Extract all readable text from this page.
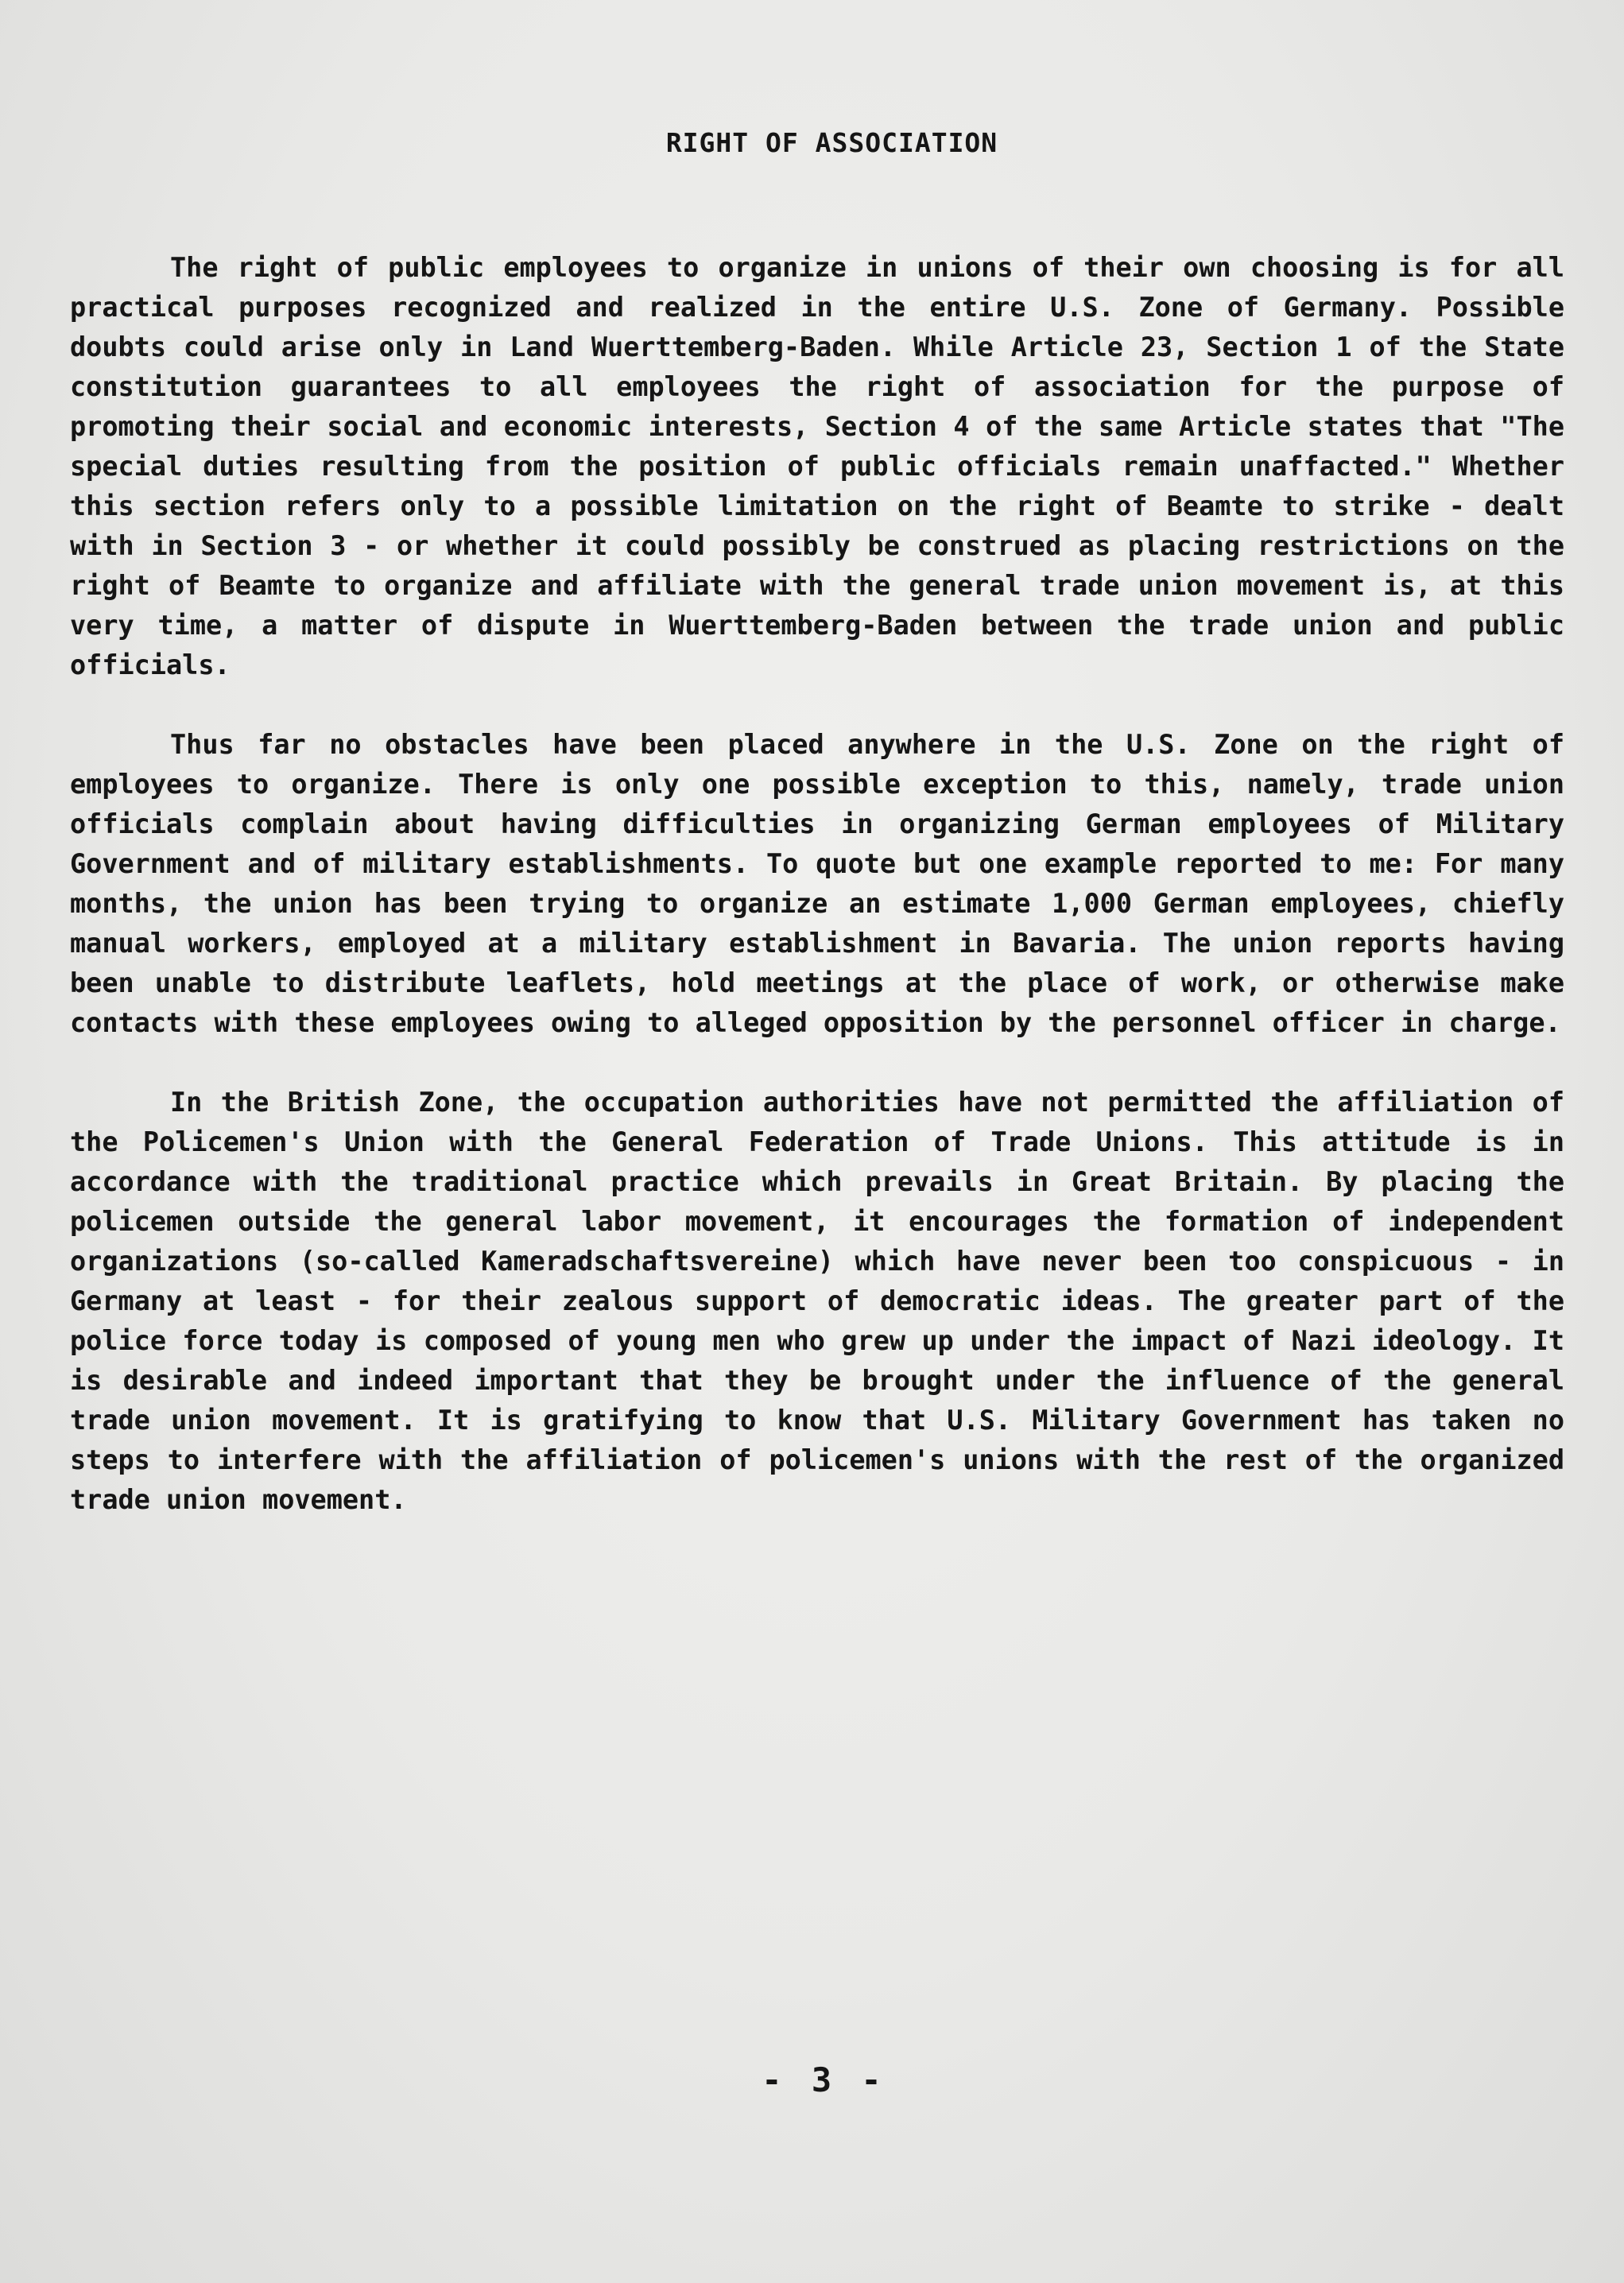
RIGHT OF ASSOCIATION

The right of public employees to organize in unions of their own choosing is for all practical purposes recognized and realized in the entire U.S. Zone of Germany. Possible doubts could arise only in Land Wuerttemberg-Baden. While Article 23, Section 1 of the State constitution guarantees to all employees the right of association for the purpose of promoting their social and economic interests, Section 4 of the same Article states that "The special duties resulting from the position of public officials remain unaffacted." Whether this section refers only to a possible limitation on the right of Beamte to strike - dealt with in Section 3 - or whether it could possibly be construed as placing restrictions on the right of Beamte to organize and affiliate with the general trade union movement is, at this very time, a matter of dispute in Wuerttemberg-Baden between the trade union and public officials.

Thus far no obstacles have been placed anywhere in the U.S. Zone on the right of employees to organize. There is only one possible exception to this, namely, trade union officials complain about having difficulties in organizing German employees of Military Government and of military establishments. To quote but one example reported to me: For many months, the union has been trying to organize an estimate 1,000 German employees, chiefly manual workers, employed at a military establishment in Bavaria. The union reports having been unable to distribute leaflets, hold meetings at the place of work, or otherwise make contacts with these employees owing to alleged opposition by the personnel officer in charge.

In the British Zone, the occupation authorities have not permitted the affiliation of the Policemen's Union with the General Federation of Trade Unions. This attitude is in accordance with the traditional practice which prevails in Great Britain. By placing the policemen outside the general labor movement, it encourages the formation of independent organizations (so-called Kameradschaftsvereine) which have never been too conspicuous - in Germany at least - for their zealous support of democratic ideas. The greater part of the police force today is composed of young men who grew up under the impact of Nazi ideology. It is desirable and indeed important that they be brought under the influence of the general trade union movement. It is gratifying to know that U.S. Military Government has taken no steps to interfere with the affiliation of policemen's unions with the rest of the organized trade union movement.

- 3 -
